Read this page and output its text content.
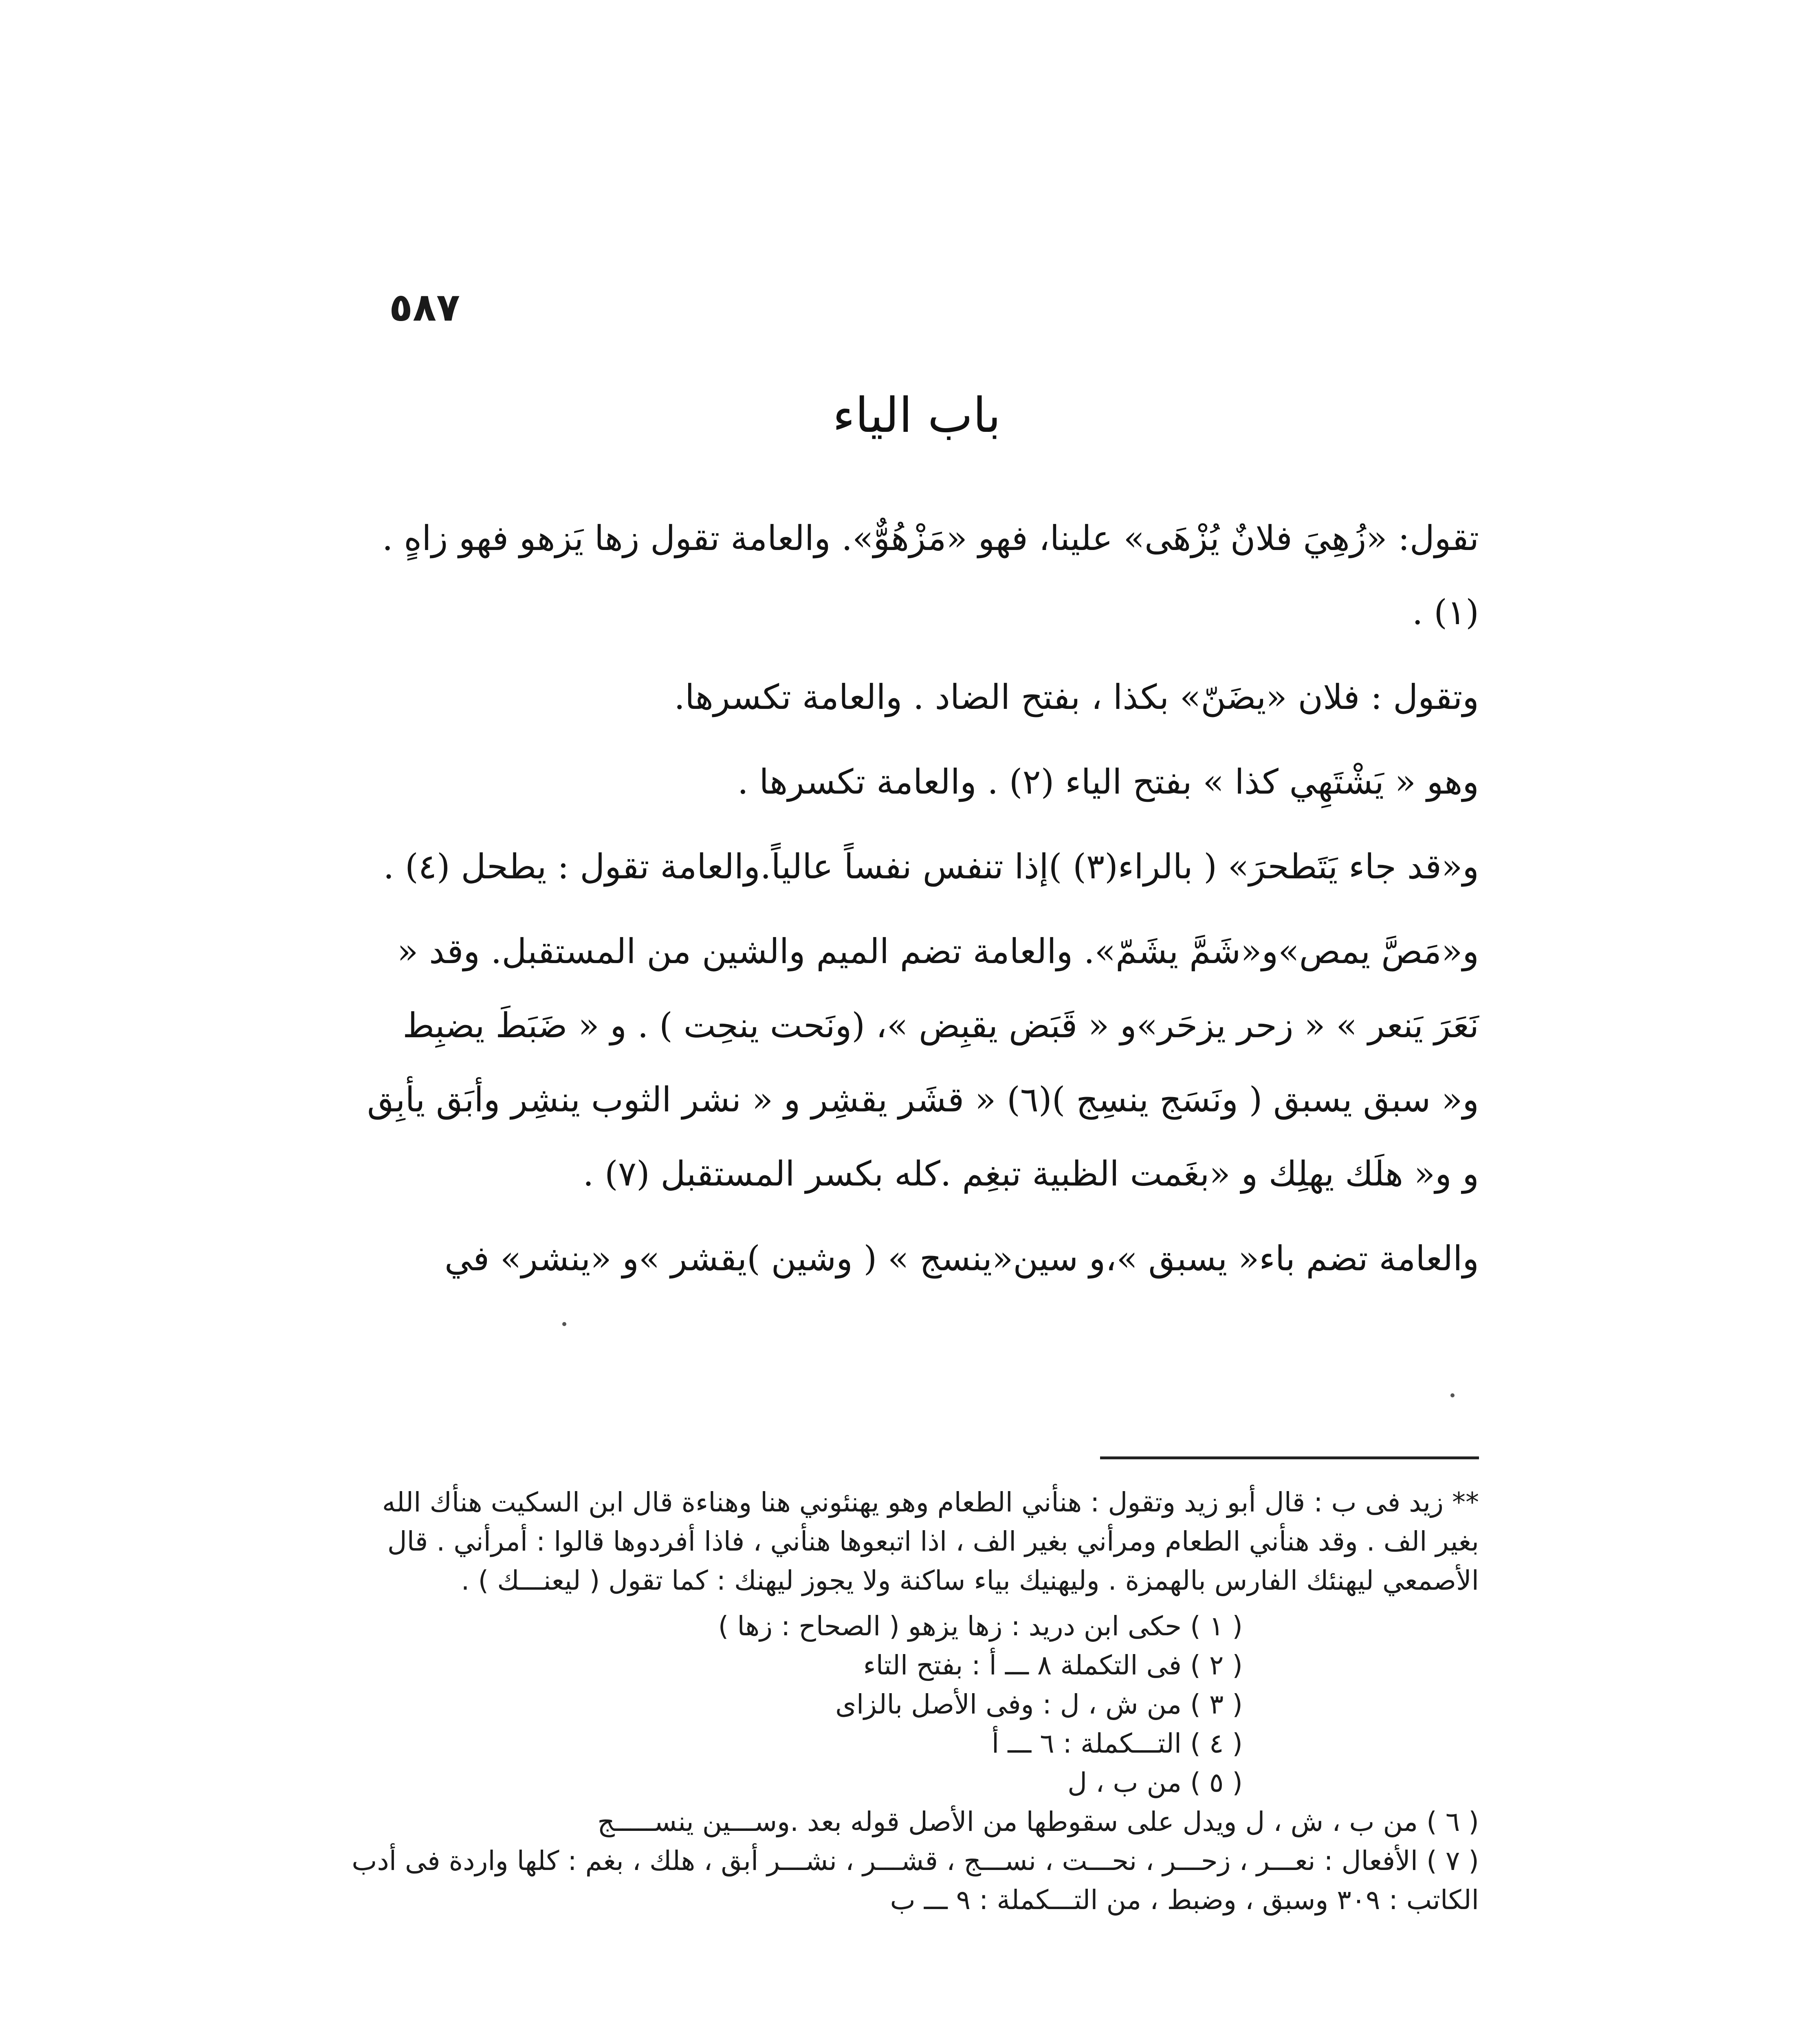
٥٨٧
باب الياء

تقول: «زُهِيَ فلانٌ يُزْهَى» علينا، فهو «مَزْهُوٌّ». والعامة تقول زها يَزهو فهو زاهٍ . (١) .

وتقول : فلان «يضَنّ» بكذا ، بفتح الضاد . والعامة تكسرها.

وهو « يَشْتَهِي كذا » بفتح الياء (٢) . والعامة تكسرها .

و«قد جاء يَتَطحرَ» ( بالراء(٣) )إذا تنفس نفساً عالياً.والعامة تقول : يطحل (٤) .

و«مَصَّ يمص»و«شَمَّ يشَمّ». والعامة تضم الميم والشين من المستقبل. وقد « نَعَرَ يَنعر » « زحر يزحَر»و « قَبَض يقبِض »، (ونَحت ينحِت ) . و « ضَبَطَ يضبِط و« سبق يسبق ( ونَسَج ينسِج )(٦) « قشَر يقشِر و « نشر الثوب ينشِر وأبَق يأبِق و و« هلَك يهلِك و «بغَمت الظبية تبغِم .كله بكسر المستقبل (٧) .

والعامة تضم باء« يسبق »،و سين«ينسج » ( وشين )يقشر »و «ينشر» في

** زيد فى ب : قال أبو زيد وتقول : هنأني الطعام وهو يهنئوني هنا وهناءة قال ابن السكيت هنأك الله بغير الف . وقد هنأني الطعام ومرأني بغير الف ، اذا اتبعوها هنأني ، فاذا أفردوها قالوا : أمرأني . قال الأصمعي ليهنئك الفارس بالهمزة . وليهنيك بياء ساكنة ولا يجوز ليهنك : كما تقول ( ليعنـــك ) .

( ١ ) حكى ابن دريد : زها يزهو ( الصحاح : زها )

( ٢ ) فى التكملة ٨ ـــ أ : بفتح التاء

( ٣ ) من ش ، ل : وفى الأصل بالزاى

( ٤ ) التـــكملة : ٦ ـــ أ

( ٥ ) من ب ، ل

( ٦ ) من ب ، ش ، ل ويدل على سقوطها من الأصل قوله بعد .وســـين ينســـــج

( ٧ ) الأفعال : نعـــر ، زحـــر ، نحـــت ، نســـج ، قشـــر ، نشـــر أبق ، هلك ، بغم : كلها واردة فى أدب الكاتب : ٣٠٩ وسبق ، وضبط ، من التـــكملة : ٩ ـــ ب
